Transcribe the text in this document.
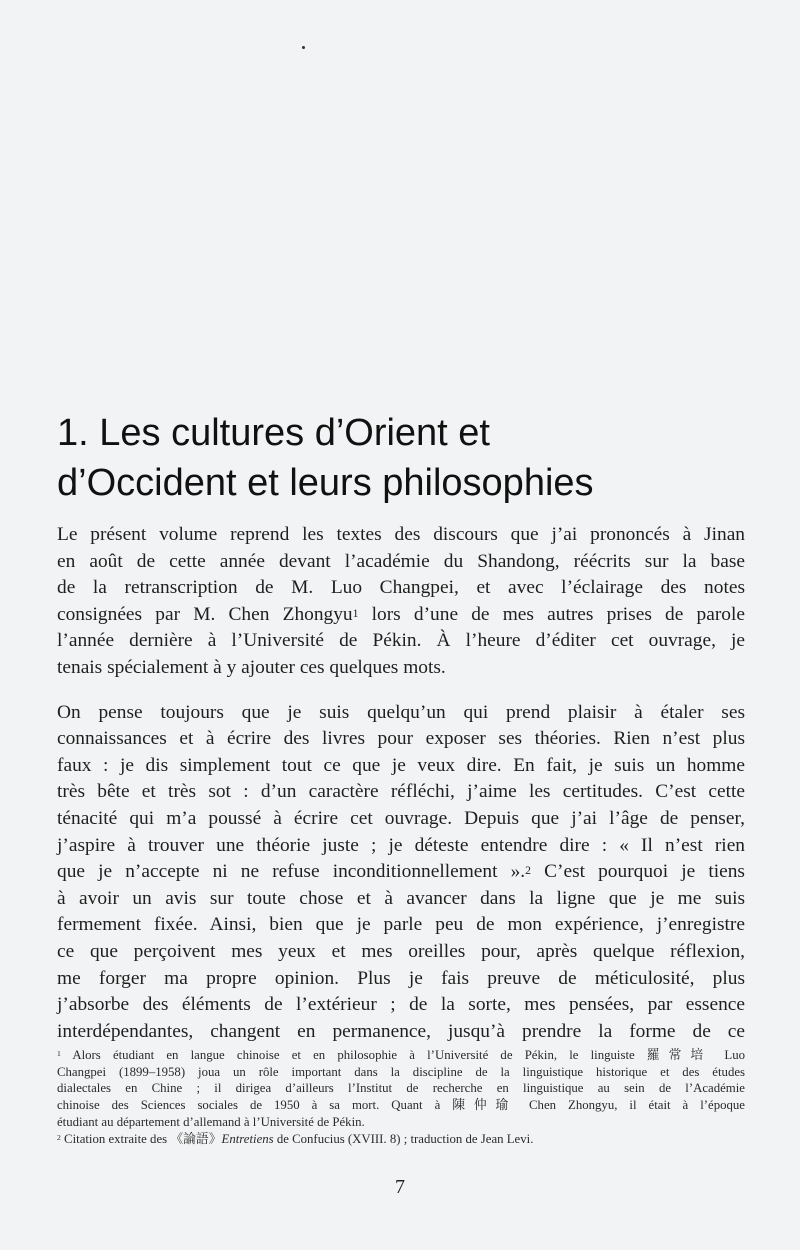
1. Les cultures d’Orient et
d’Occident et leurs philosophies

Le présent volume reprend les textes des discours que j’ai prononcés à Jinan
en août de cette année devant l’académie du Shandong, réécrits sur la base
de la retranscription de M. Luo Changpei, et avec l’éclairage des notes
consignées par M. Chen Zhongyu$^1$ lors d’une de mes autres prises de parole
l’année dernière à l’Université de Pékin. À l’heure d’éditer cet ouvrage, je
tenais spécialement à y ajouter ces quelques mots.

On pense toujours que je suis quelqu’un qui prend plaisir à étaler ses
connaissances et à écrire des livres pour exposer ses théories. Rien n’est plus
faux : je dis simplement tout ce que je veux dire. En fait, je suis un homme
très bête et très sot : d’un caractère réfléchi, j’aime les certitudes. C’est cette
ténacité qui m’a poussé à écrire cet ouvrage. Depuis que j’ai l’âge de penser,
j’aspire à trouver une théorie juste ; je déteste entendre dire : « Il n’est rien
que je n’accepte ni ne refuse inconditionnellement ».$^2$ C’est pourquoi je tiens
à avoir un avis sur toute chose et à avancer dans la ligne que je me suis
fermement fixée. Ainsi, bien que je parle peu de mon expérience, j’enregistre
ce que perçoivent mes yeux et mes oreilles pour, après quelque réflexion,
me forger ma propre opinion. Plus je fais preuve de méticulosité, plus
j’absorbe des éléments de l’extérieur ; de la sorte, mes pensées, par essence
interdépendantes, changent en permanence, jusqu’à prendre la forme de ce

$^1$ Alors étudiant en langue chinoise et en philosophie à l’Université de Pékin, le linguiste 羅常培 Luo
Changpei (1899–1958) joua un rôle important dans la discipline de la linguistique historique et des études
dialectales en Chine ; il dirigea d’ailleurs l’Institut de recherche en linguistique au sein de l’Académie
chinoise des Sciences sociales de 1950 à sa mort. Quant à 陳仲瑜 Chen Zhongyu, il était à l’époque
étudiant au département d’allemand à l’Université de Pékin.
$^2$ Citation extraite des 《論語》Entretiens de Confucius (XVIII. 8) ; traduction de Jean Levi.
7
